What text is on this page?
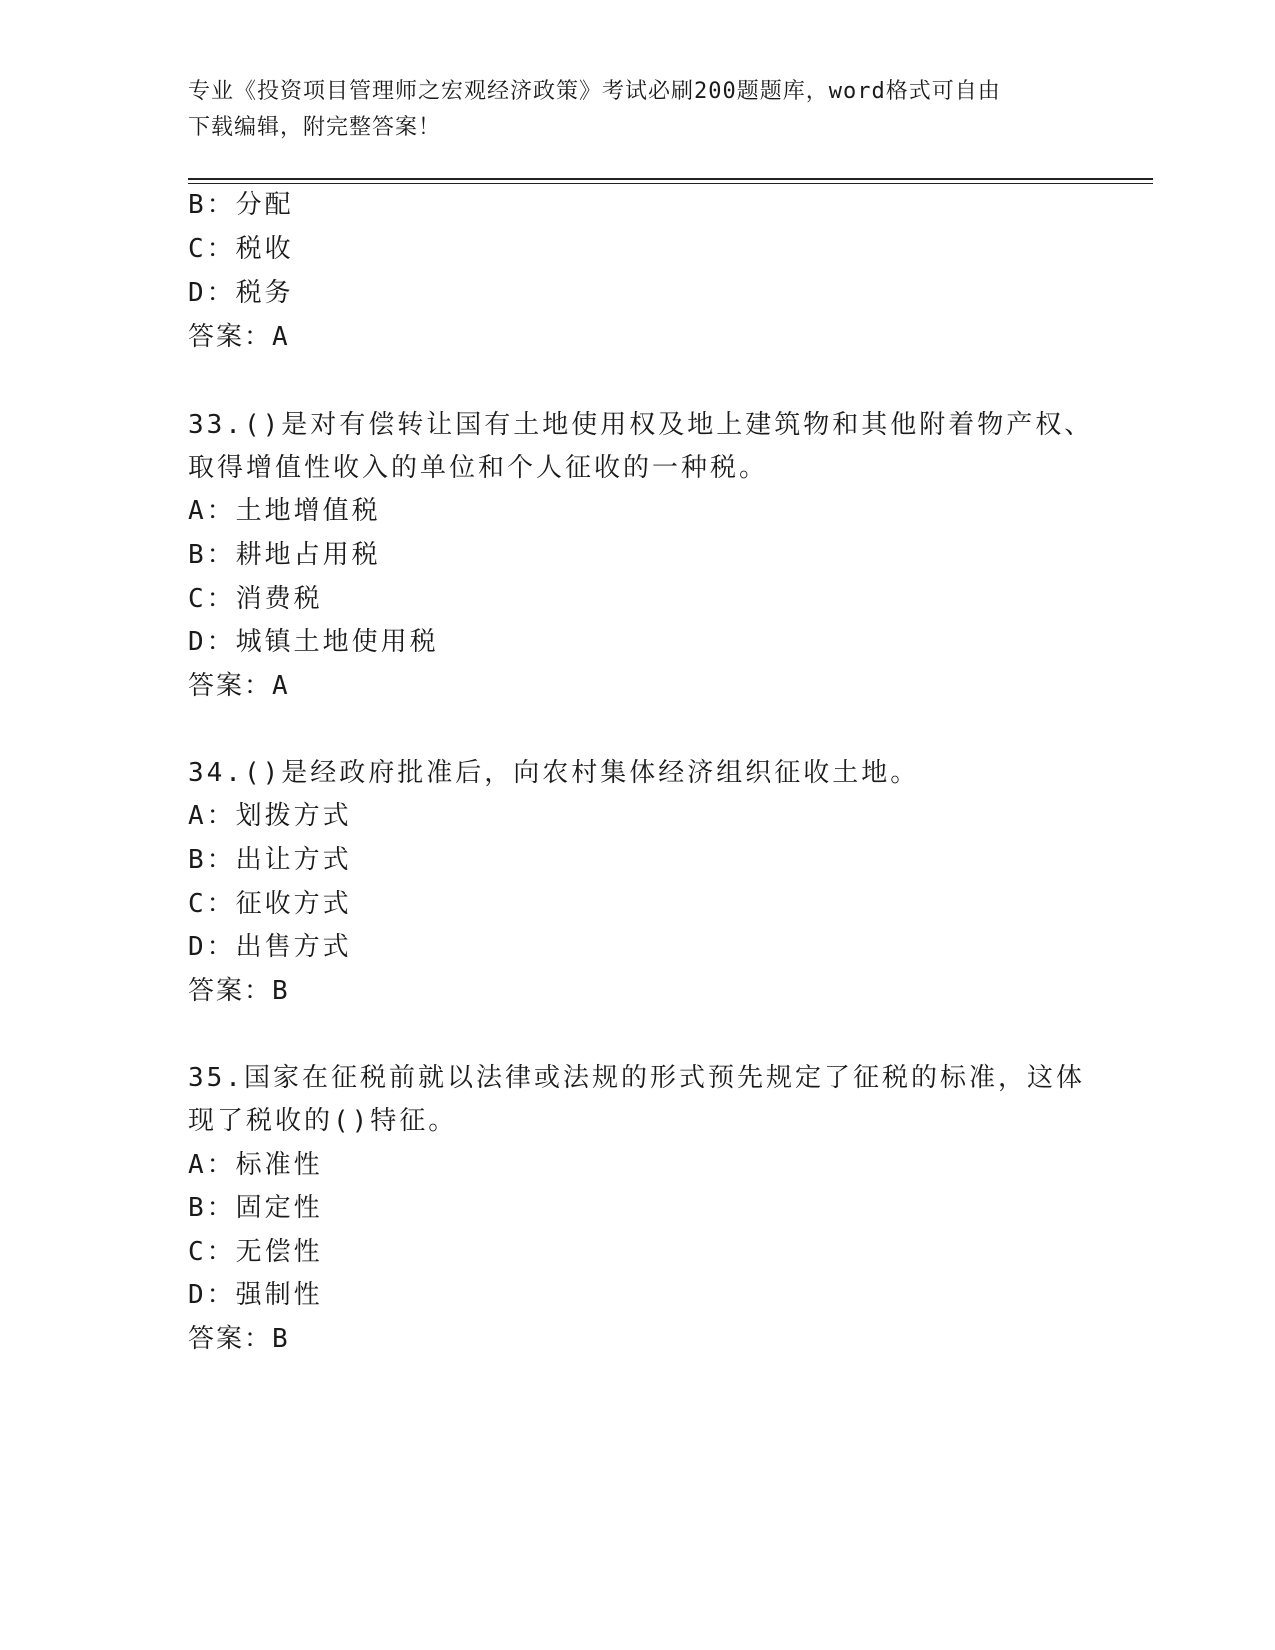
专业《投资项目管理师之宏观经济政策》考试必刷200题题库，word格式可自由
下载编辑，附完整答案！
B：分配
C：税收
D：税务
答案：A
33.()是对有偿转让国有土地使用权及地上建筑物和其他附着物产权、
取得增值性收入的单位和个人征收的一种税。
A：土地增值税
B：耕地占用税
C：消费税
D：城镇土地使用税
答案：A
34.()是经政府批准后，向农村集体经济组织征收土地。
A：划拨方式
B：出让方式
C：征收方式
D：出售方式
答案：B
35.国家在征税前就以法律或法规的形式预先规定了征税的标准，这体
现了税收的()特征。
A：标准性
B：固定性
C：无偿性
D：强制性
答案：B
